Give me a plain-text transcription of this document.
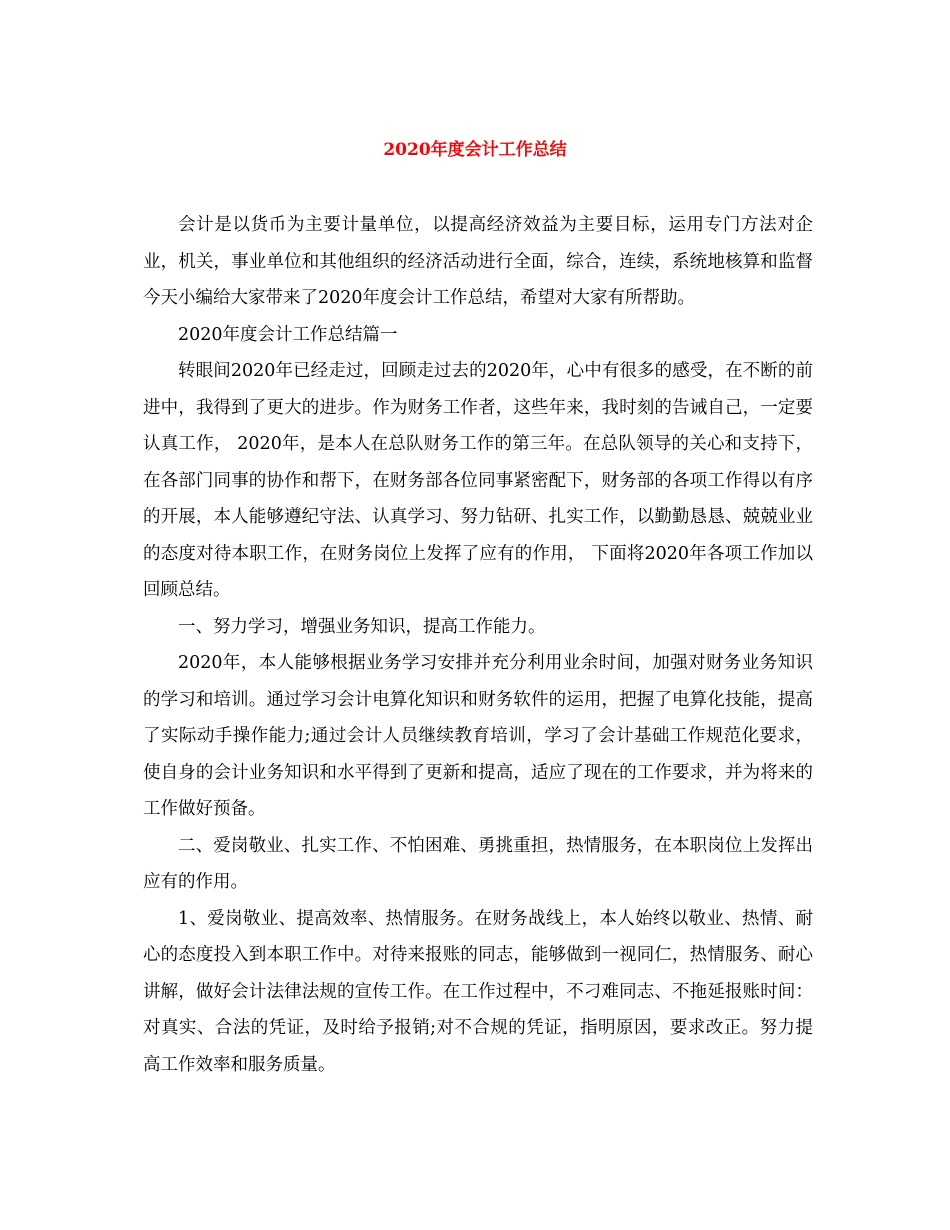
2020年度会计工作总结

会计是以货币为主要计量单位，以提高经济效益为主要目标，运用专门方法对企业，机关，事业单位和其他组织的经济活动进行全面，综合，连续，系统地核算和监督今天小编给大家带来了2020年度会计工作总结，希望对大家有所帮助。

2020年度会计工作总结篇一

转眼间2020年已经走过，回顾走过去的2020年，心中有很多的感受，在不断的前进中，我得到了更大的进步。作为财务工作者，这些年来，我时刻的告诫自己，一定要认真工作， 2020年，是本人在总队财务工作的第三年。在总队领导的关心和支持下，在各部门同事的协作和帮下，在财务部各位同事紧密配下，财务部的各项工作得以有序的开展，本人能够遵纪守法、认真学习、努力钻研、扎实工作，以勤勤恳恳、兢兢业业的态度对待本职工作，在财务岗位上发挥了应有的作用， 下面将2020年各项工作加以回顾总结。

一、努力学习，增强业务知识，提高工作能力。

2020年，本人能够根据业务学习安排并充分利用业余时间，加强对财务业务知识的学习和培训。通过学习会计电算化知识和财务软件的运用，把握了电算化技能，提高了实际动手操作能力;通过会计人员继续教育培训，学习了会计基础工作规范化要求，使自身的会计业务知识和水平得到了更新和提高，适应了现在的工作要求，并为将来的工作做好预备。

二、爱岗敬业、扎实工作、不怕困难、勇挑重担，热情服务，在本职岗位上发挥出应有的作用。

1、爱岗敬业、提高效率、热情服务。在财务战线上，本人始终以敬业、热情、耐心的态度投入到本职工作中。对待来报账的同志，能够做到一视同仁，热情服务、耐心讲解，做好会计法律法规的宣传工作。在工作过程中，不刁难同志、不拖延报账时间：对真实、合法的凭证，及时给予报销;对不合规的凭证，指明原因，要求改正。努力提高工作效率和服务质量。
